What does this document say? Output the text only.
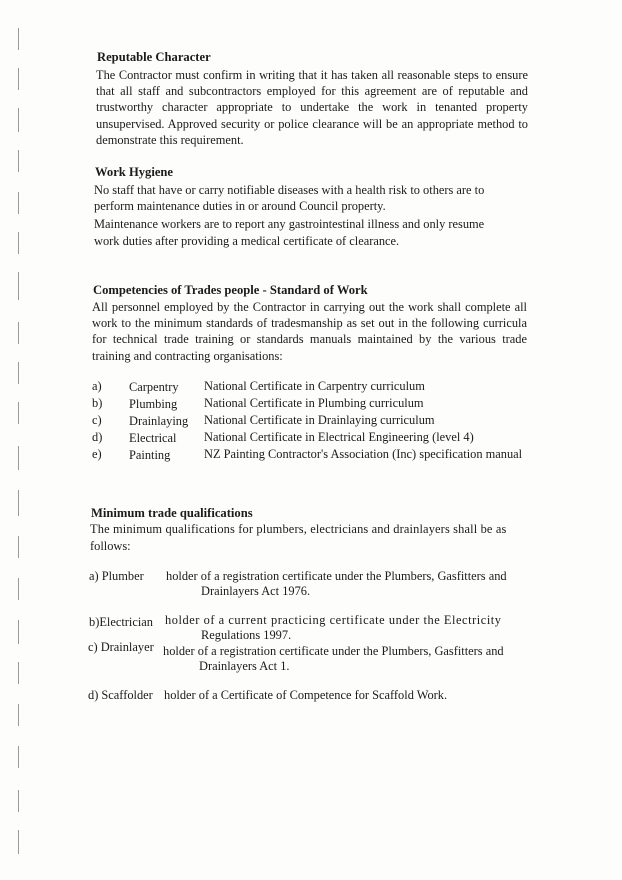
Reputable Character
The Contractor must confirm in writing that it has taken all reasonable steps to ensure that all staff and subcontractors employed for this agreement are of reputable and trustworthy character appropriate to undertake the work in tenanted property unsupervised. Approved security or police clearance will be an appropriate method to demonstrate this requirement.
Work Hygiene
No staff that have or carry notifiable diseases with a health risk to others are to
perform maintenance duties in or around Council property.
Maintenance workers are to report any gastrointestinal illness and only resume
work duties after providing a medical certificate of clearance.
Competencies of Trades people - Standard of Work
All personnel employed by the Contractor in carrying out the work shall complete all work to the minimum standards of tradesmanship as set out in the following curricula for technical trade training or standards manuals maintained by the various trade training and contracting organisations:
a) Carpentry National Certificate in Carpentry curriculum
b) Plumbing National Certificate in Plumbing curriculum
c) Drainlaying National Certificate in Drainlaying curriculum
d) Electrical National Certificate in Electrical Engineering (level 4)
e) Painting	NZ Painting Contractor's Association (Inc) specification manual
Minimum trade qualifications
The minimum qualifications for plumbers, electricians and drainlayers shall be as
follows:
a) Plumber holder of a registration certificate under the Plumbers, Gasfitters and
Drainlayers Act 1976.
b)Electrician holder of a current practicing certificate under the Electricity
Regulations 1997.
c) Drainlayer holder of a registration certificate under the Plumbers, Gasfitters and
Drainlayers Act 1.
d) Scaffolder holder of a Certificate of Competence for Scaffold Work.
